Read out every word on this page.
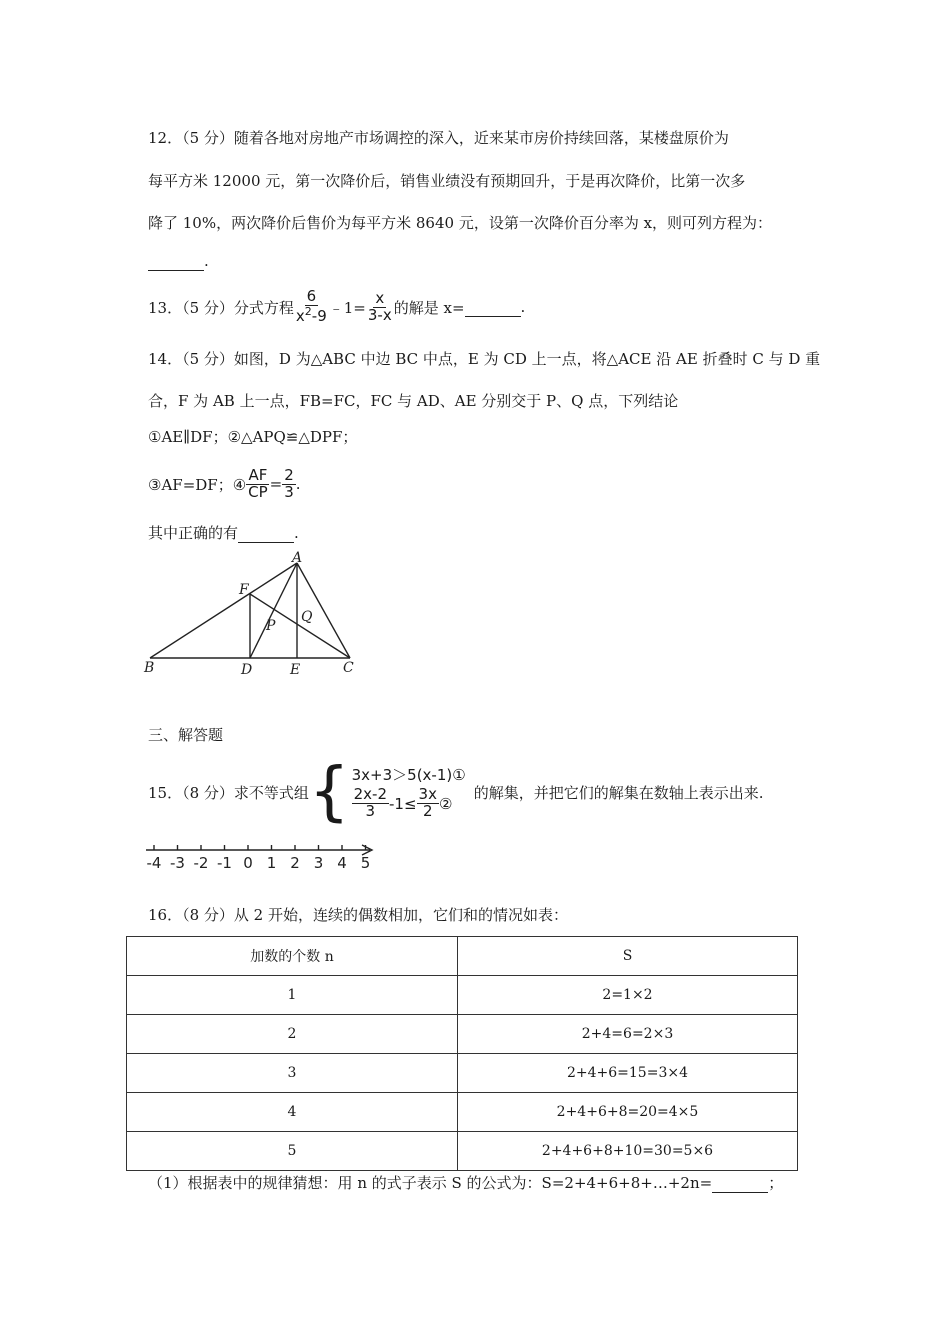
12．（5 分）随着各地对房地产市场调控的深入，近来某市房价持续回落，某楼盘原价为
每平方米 12000 元，第一次降价后，销售业绩没有预期回升，于是再次降价，比第一次多
降了 10%，两次降价后售价为每平方米 8640 元，设第一次降价百分率为 x，则可列方程为：
.
13．（5 分）分式方程 $\frac{6}{x^2-9}$ ﹣1= $\frac{x}{3-x}$ 的解是 x=
	.
14．（5 分）如图，D 为△ABC 中边 BC 中点，E 为 CD 上一点，将△ACE 沿 AE 折叠时 C 与 D 重
合，F 为 AB 上一点，FB=FC，FC 与 AD、AE 分别交于 P、Q 点，下列结论
①AE∥DF；②△APQ≌△DPF；
③AF=DF；④ $\frac{AF}{CP} = \frac{2}{3}$ .
其中正确的有	.
A
F
Q
P
B	D	E	C
三、解答题
15．（8 分）求不等式组 { 3x+3＞5(x-1)①
$\frac{2x-2}{3} -1\le \frac{3x}{2}$ ②
的解集，并把它们的解集在数轴上表示出来.
-4 -3 -2 -1 0 1 2 3 4 5
16．（8 分）从 2 开始，连续的偶数相加，它们和的情况如表：
加数的个数 n	S
1	2=1×2
2	2+4=6=2×3
3	2+4+6=15=3×4
4	2+4+6+8=20=4×5
5	2+4+6+8+10=30=5×6
（1）根据表中的规律猜想：用 n 的式子表示 S 的公式为：S=2+4+6+8+…+2n=	；
